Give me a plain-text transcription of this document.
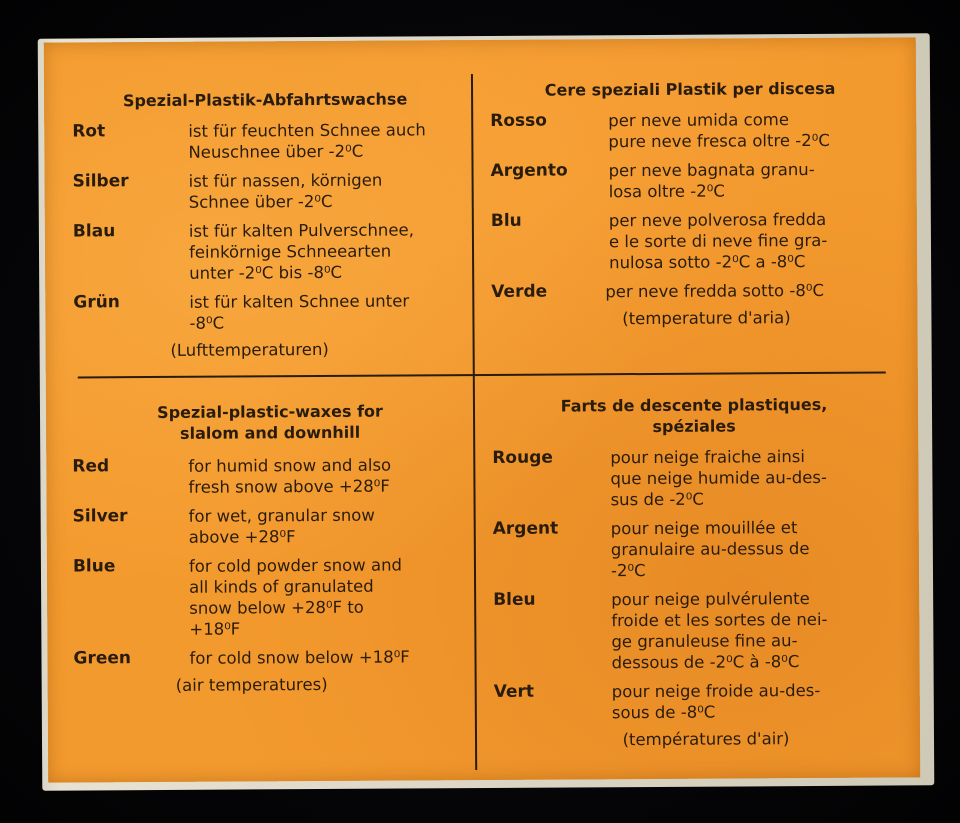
Spezial-Plastik-Abfahrtswachse
Rot	ist für feuchten Schnee auch
Neuschnee über -2⁰C
Silber	ist für nassen, körnigen
Schnee über -2⁰C
Blau	ist für kalten Pulverschnee,
feinkörnige Schneearten
unter -2⁰C bis -8⁰C
Grün	ist für kalten Schnee unter
-8⁰C
(Lufttemperaturen)
Cere speziali Plastik per discesa
Rosso	per neve umida come
pure neve fresca oltre -2⁰C
Argento	per neve bagnata granu-
losa oltre -2⁰C
Blu	per neve polverosa fredda
e le sorte di neve fine gra-
nulosa sotto -2⁰C a -8⁰C
Verde	per neve fredda sotto -8⁰C
(temperature d'aria)
Spezial-plastic-waxes for
slalom and downhill
Red	for humid snow and also
fresh snow above +28⁰F
Silver	for wet, granular snow
above +28⁰F
Blue	for cold powder snow and
all kinds of granulated
snow below +28⁰F to
+18⁰F
Green	for cold snow below +18⁰F
(air temperatures)
Farts de descente plastiques,
spéziales
Rouge	pour neige fraiche ainsi
que neige humide au-des-
sus de -2⁰C
Argent	pour neige mouillée et
granulaire au-dessus de
-2⁰C
Bleu	pour neige pulvérulente
froide et les sortes de nei-
ge granuleuse fine au-
dessous de -2⁰C à -8⁰C
Vert	pour neige froide au-des-
sous de -8⁰C
(températures d'air)
